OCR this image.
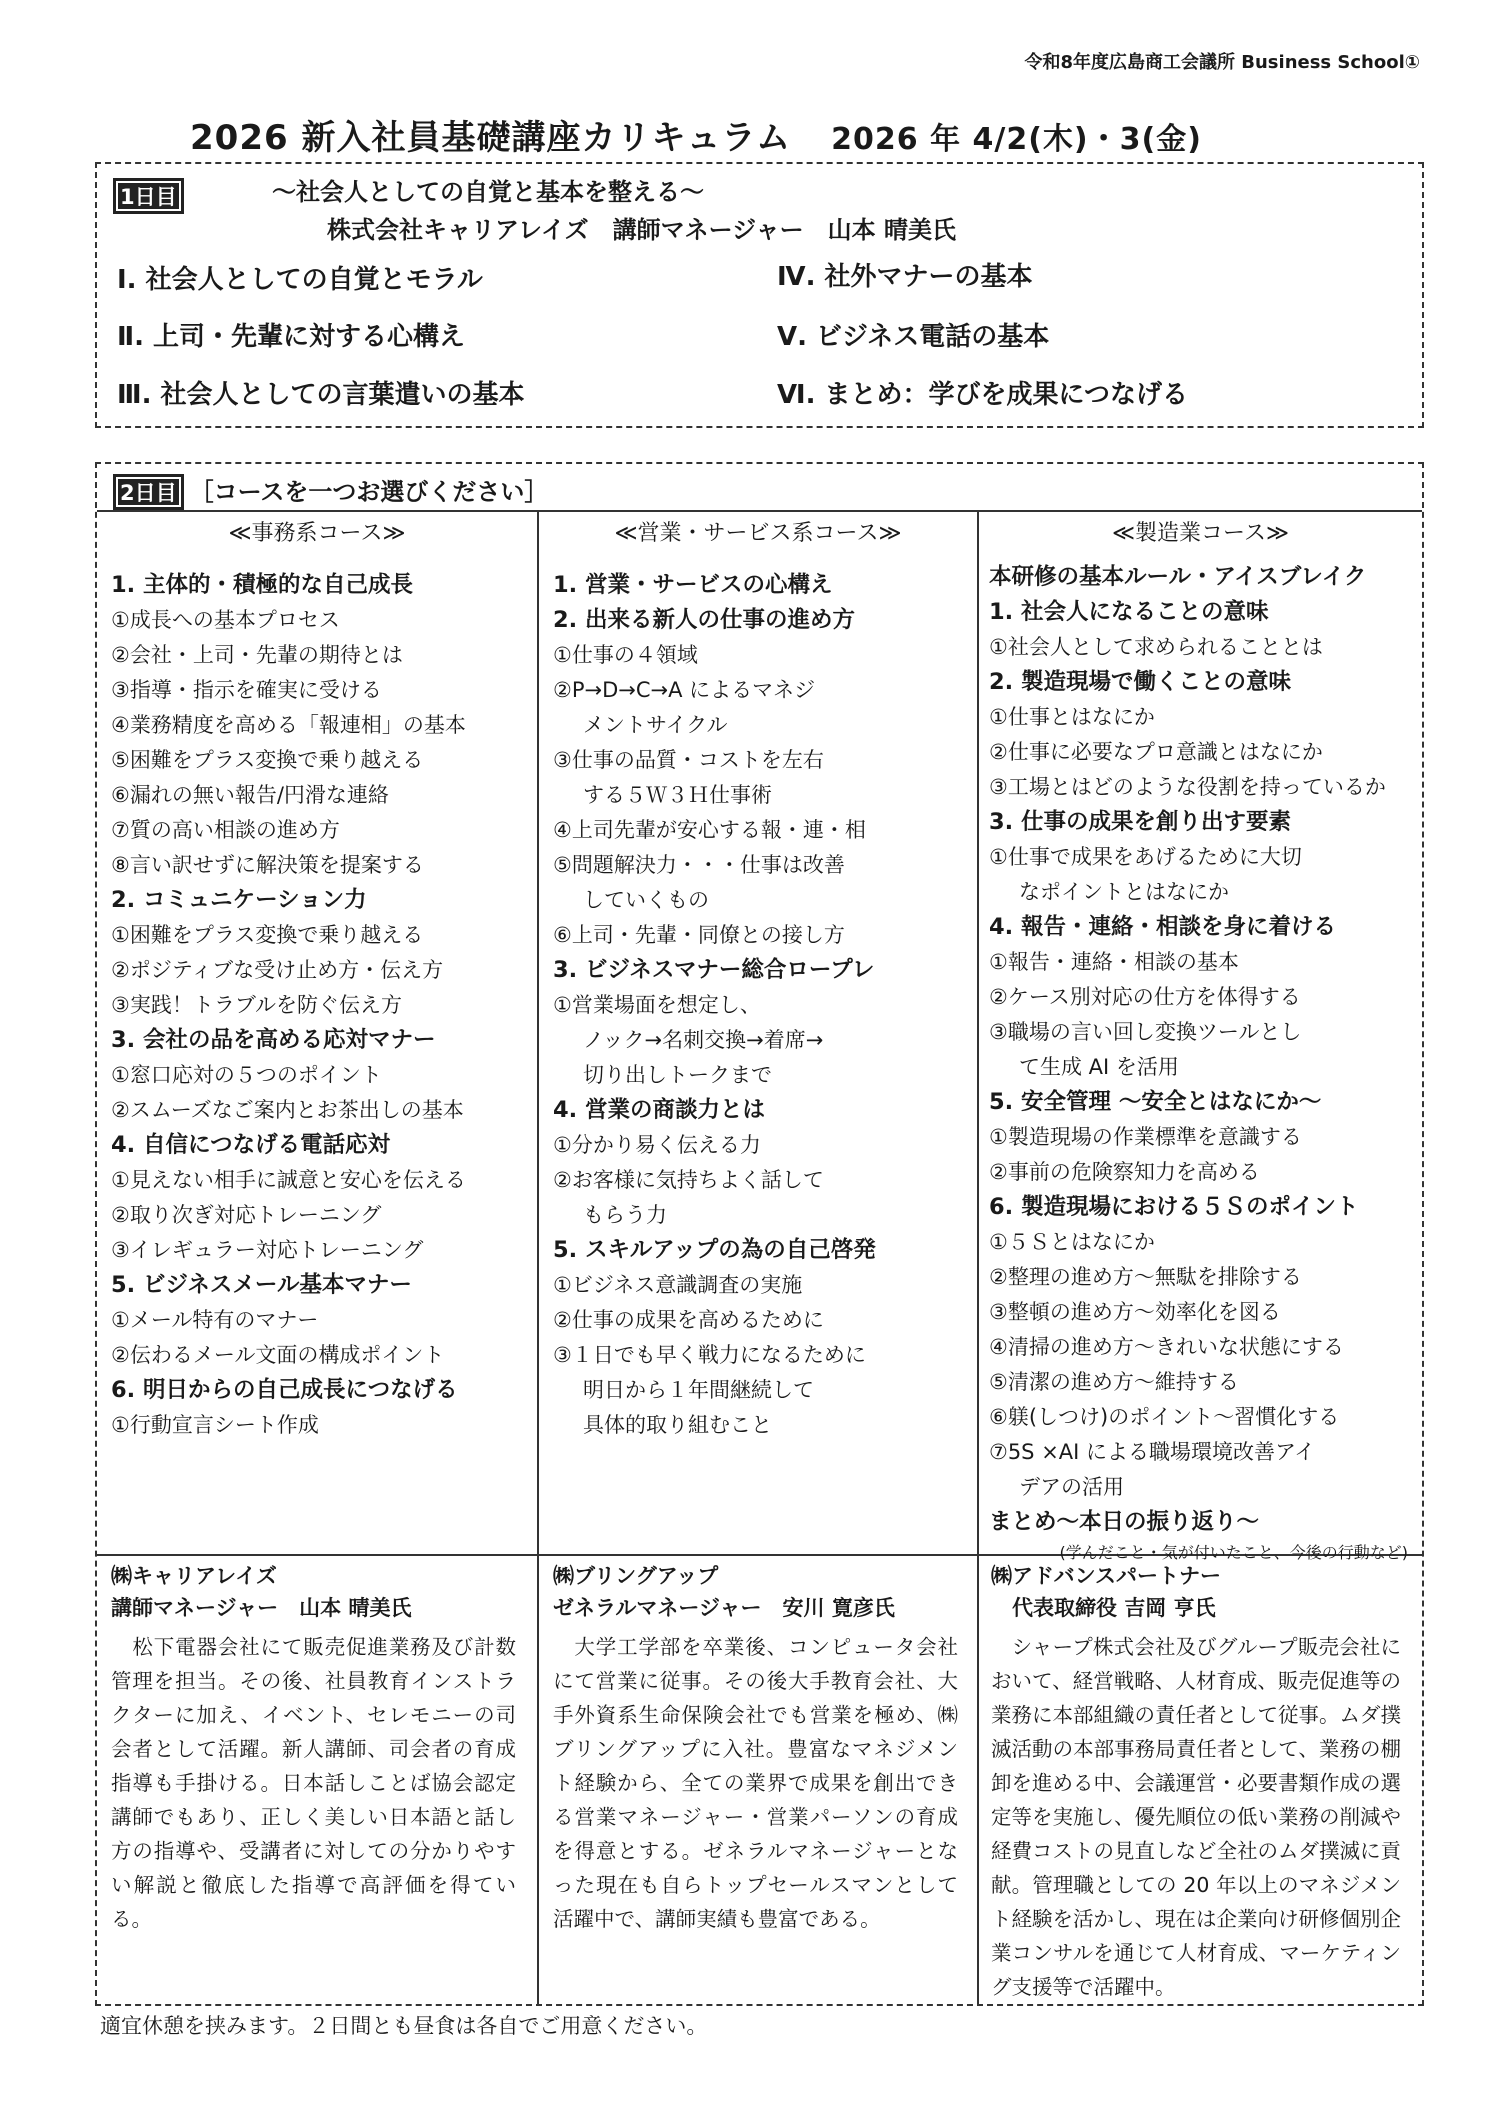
令和8年度広島商工会議所 Business School①
2026 新入社員基礎講座カリキュラム 2026 年 4/2(木)・3(金)
1日目	～社会人としての自覚と基本を整える～
株式会社キャリアレイズ　講師マネージャー　山本 晴美氏
Ⅰ. 社会人としての自覚とモラル
Ⅱ. 上司・先輩に対する心構え
Ⅲ. 社会人としての言葉遣いの基本
Ⅳ. 社外マナーの基本
Ⅴ. ビジネス電話の基本
Ⅵ. まとめ：学びを成果につなげる
2日目 ［コースを一つお選びください］
≪事務系コース≫
1. 主体的・積極的な自己成長
①成長への基本プロセス
②会社・上司・先輩の期待とは
③指導・指示を確実に受ける
④業務精度を高める「報連相」の基本
⑤困難をプラス変換で乗り越える
⑥漏れの無い報告/円滑な連絡
⑦質の高い相談の進め方
⑧言い訳せずに解決策を提案する
2. コミュニケーション力
①困難をプラス変換で乗り越える
②ポジティブな受け止め方・伝え方
③実践！トラブルを防ぐ伝え方
3. 会社の品を高める応対マナー
①窓口応対の５つのポイント
②スムーズなご案内とお茶出しの基本
4. 自信につなげる電話応対
①見えない相手に誠意と安心を伝える
②取り次ぎ対応トレーニング
③イレギュラー対応トレーニング
5. ビジネスメール基本マナー
①メール特有のマナー
②伝わるメール文面の構成ポイント
6. 明日からの自己成長につなげる
①行動宣言シート作成
≪営業・サービス系コース≫
1. 営業・サービスの心構え
2. 出来る新人の仕事の進め方
①仕事の４領域
②P→D→C→A によるマネジ
メントサイクル
③仕事の品質・コストを左右
する５Ｗ３Ｈ仕事術
④上司先輩が安心する報・連・相
⑤問題解決力・・・仕事は改善
していくもの
⑥上司・先輩・同僚との接し方
3. ビジネスマナー総合ロープレ
①営業場面を想定し、
ノック→名刺交換→着席→
切り出しトークまで
4. 営業の商談力とは
①分かり易く伝える力
②お客様に気持ちよく話して
もらう力
5. スキルアップの為の自己啓発
①ビジネス意識調査の実施
②仕事の成果を高めるために
③１日でも早く戦力になるために
明日から１年間継続して
具体的取り組むこと
≪製造業コース≫
本研修の基本ルール・アイスブレイク
1. 社会人になることの意味
①社会人として求められることとは
2. 製造現場で働くことの意味
①仕事とはなにか
②仕事に必要なプロ意識とはなにか
③工場とはどのような役割を持っているか
3. 仕事の成果を創り出す要素
①仕事で成果をあげるために大切
なポイントとはなにか
4. 報告・連絡・相談を身に着ける
①報告・連絡・相談の基本
②ケース別対応の仕方を体得する
③職場の言い回し変換ツールとし
て生成 AI を活用
5. 安全管理 ～安全とはなにか～
①製造現場の作業標準を意識する
②事前の危険察知力を高める
6. 製造現場における５Ｓのポイント
①５Ｓとはなにか
②整理の進め方～無駄を排除する
③整頓の進め方～効率化を図る
④清掃の進め方～きれいな状態にする
⑤清潔の進め方～維持する
⑥躾(しつけ)のポイント～習慣化する
⑦5S ×AI による職場環境改善アイ
デアの活用
まとめ～本日の振り返り～
(学んだこと・気が付いたこと、今後の行動など)
㈱キャリアレイズ
講師マネージャー　山本 晴美氏
　松下電器会社にて販売促進業務及び計数管理を担当。その後、社員教育インストラクターに加え、イベント、セレモニーの司会者として活躍。新人講師、司会者の育成指導も手掛ける。日本話しことば協会認定講師でもあり、正しく美しい日本語と話し方の指導や、受講者に対しての分かりやすい解説と徹底した指導で高評価を得ている。
㈱ブリングアップ
ゼネラルマネージャー　安川 寛彦氏
　大学工学部を卒業後、コンピュータ会社にて営業に従事。その後大手教育会社、大手外資系生命保険会社でも営業を極め、㈱ブリングアップに入社。豊富なマネジメント経験から、全ての業界で成果を創出できる営業マネージャー・営業パーソンの育成を得意とする。ゼネラルマネージャーとなった現在も自らトップセールスマンとして活躍中で、講師実績も豊富である。
㈱アドバンスパートナー
　代表取締役 吉岡 亨氏
　シャープ株式会社及びグループ販売会社において、経営戦略、人材育成、販売促進等の業務に本部組織の責任者として従事。ムダ撲滅活動の本部事務局責任者として、業務の棚卸を進める中、会議運営・必要書類作成の選定等を実施し、優先順位の低い業務の削減や経費コストの見直しなど全社のムダ撲滅に貢献。管理職としての 20 年以上のマネジメント経験を活かし、現在は企業向け研修個別企業コンサルを通じて人材育成、マーケティング支援等で活躍中。
適宜休憩を挟みます。２日間とも昼食は各自でご用意ください。
